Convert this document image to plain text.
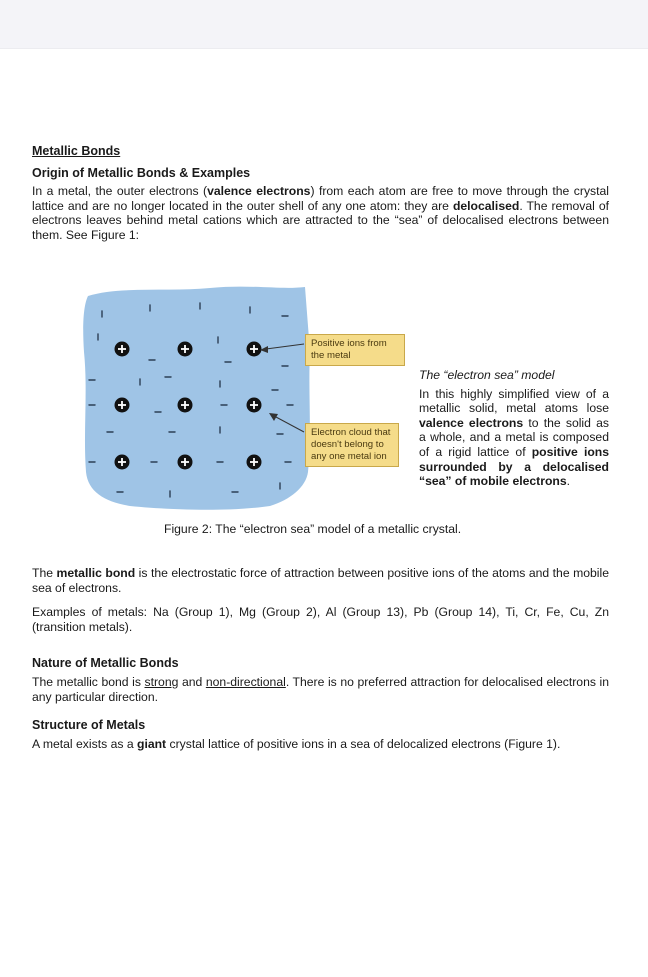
Metallic Bonds
Origin of Metallic Bonds & Examples

In a metal, the outer electrons (valence electrons) from each atom are free to move through the crystal lattice and are no longer located in the outer shell of any one atom: they are delocalised. The removal of electrons leaves behind metal cations which are attracted to the “sea” of delocalised electrons between them. See Figure 1:

Positive ions from the metal
Electron cloud that doesn't belong to any one metal ion
The “electron sea” model

In this highly simplified view of a metallic solid, metal atoms lose valence electrons to the solid as a whole, and a metal is composed of a rigid lattice of positive ions surrounded by a delocalised “sea” of mobile electrons.

Figure 2: The “electron sea” model of a metallic crystal.

The metallic bond is the electrostatic force of attraction between positive ions of the atoms and the mobile sea of electrons.

Examples of metals: Na (Group 1), Mg (Group 2), Al (Group 13), Pb (Group 14), Ti, Cr, Fe, Cu, Zn (transition metals).

Nature of Metallic Bonds

The metallic bond is strong and non-directional. There is no preferred attraction for delocalised electrons in any particular direction.

Structure of Metals

A metal exists as a giant crystal lattice of positive ions in a sea of delocalized electrons (Figure 1).
